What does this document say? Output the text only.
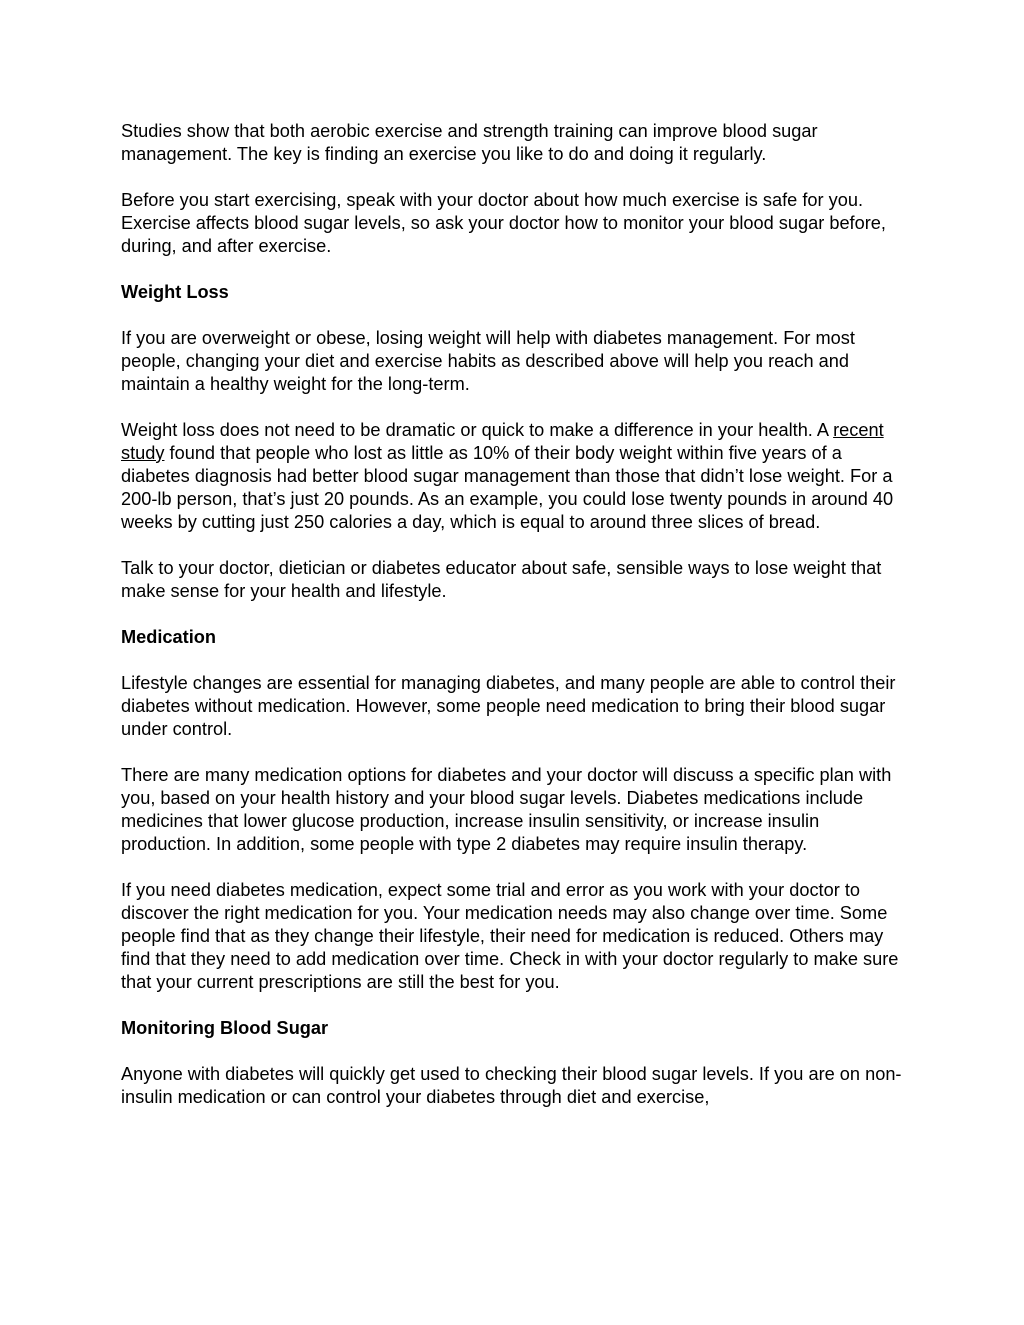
Studies show that both aerobic exercise and strength training can improve blood sugar management. The key is finding an exercise you like to do and doing it regularly.

Before you start exercising, speak with your doctor about how much exercise is safe for you. Exercise affects blood sugar levels, so ask your doctor how to monitor your blood sugar before, during, and after exercise.

Weight Loss

If you are overweight or obese, losing weight will help with diabetes management. For most people, changing your diet and exercise habits as described above will help you reach and maintain a healthy weight for the long-term.

Weight loss does not need to be dramatic or quick to make a difference in your health. A recent study found that people who lost as little as 10% of their body weight within five years of a diabetes diagnosis had better blood sugar management than those that didn’t lose weight. For a 200-lb person, that’s just 20 pounds. As an example, you could lose twenty pounds in around 40 weeks by cutting just 250 calories a day, which is equal to around three slices of bread.

Talk to your doctor, dietician or diabetes educator about safe, sensible ways to lose weight that make sense for your health and lifestyle.

Medication

Lifestyle changes are essential for managing diabetes, and many people are able to control their diabetes without medication. However, some people need medication to bring their blood sugar under control.

There are many medication options for diabetes and your doctor will discuss a specific plan with you, based on your health history and your blood sugar levels. Diabetes medications include medicines that lower glucose production, increase insulin sensitivity, or increase insulin production. In addition, some people with type 2 diabetes may require insulin therapy.

If you need diabetes medication, expect some trial and error as you work with your doctor to discover the right medication for you. Your medication needs may also change over time. Some people find that as they change their lifestyle, their need for medication is reduced. Others may find that they need to add medication over time. Check in with your doctor regularly to make sure that your current prescriptions are still the best for you.

Monitoring Blood Sugar

Anyone with diabetes will quickly get used to checking their blood sugar levels. If you are on non-insulin medication or can control your diabetes through diet and exercise,
